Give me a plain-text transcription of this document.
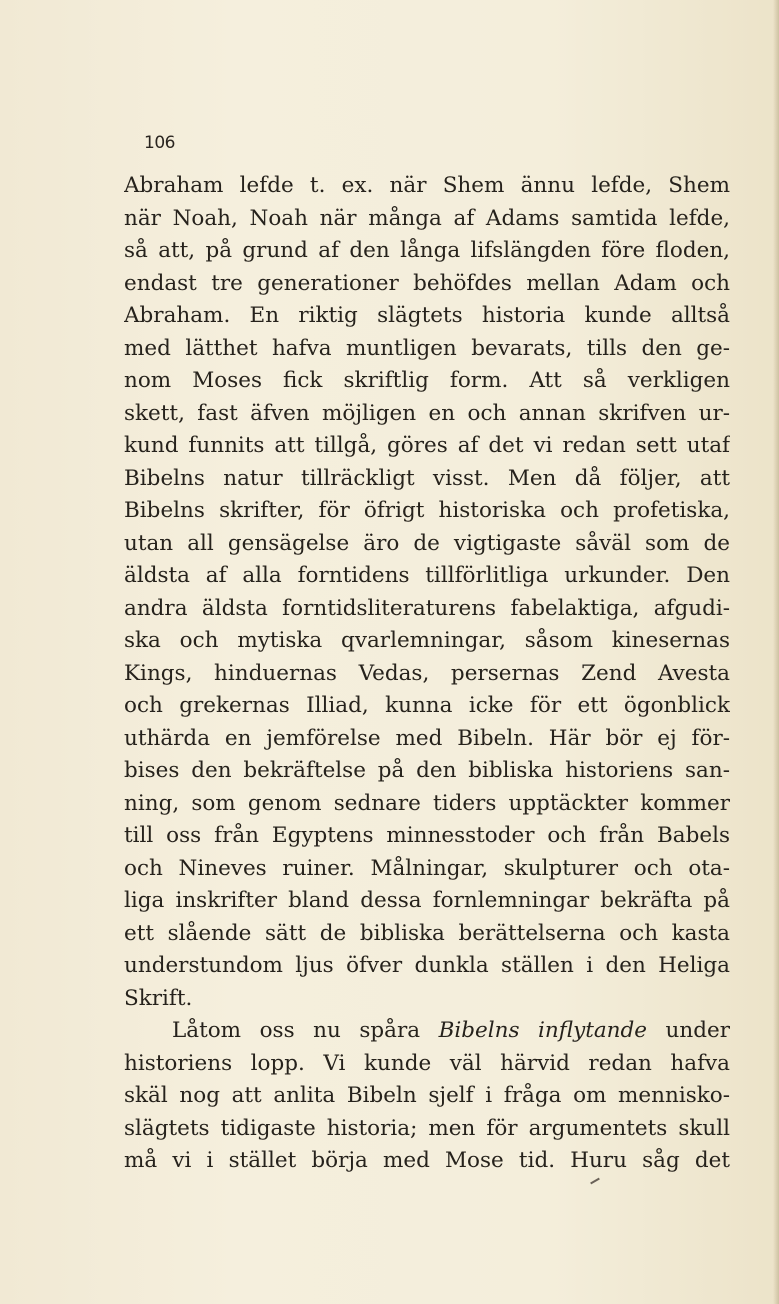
106
Abraham lefde t. ex. när Shem ännu lefde, Shem
när Noah, Noah när många af Adams samtida lefde,
så att, på grund af den långa lifslängden före floden,
endast tre generationer behöfdes mellan Adam och
Abraham. En riktig slägtets historia kunde alltså
med lätthet hafva muntligen bevarats, tills den ge-
nom Moses fick skriftlig form. Att så verkligen
skett, fast äfven möjligen en och annan skrifven ur-
kund funnits att tillgå, göres af det vi redan sett utaf
Bibelns natur tillräckligt visst. Men då följer, att
Bibelns skrifter, för öfrigt historiska och profetiska,
utan all gensägelse äro de vigtigaste såväl som de
äldsta af alla forntidens tillförlitliga urkunder. Den
andra äldsta forntidsliteraturens fabelaktiga, afgudi-
ska och mytiska qvarlemningar, såsom kinesernas
Kings, hinduernas Vedas, persernas Zend Avesta
och grekernas Illiad, kunna icke för ett ögonblick
uthärda en jemförelse med Bibeln. Här bör ej för-
bises den bekräftelse på den bibliska historiens san-
ning, som genom sednare tiders upptäckter kommer
till oss från Egyptens minnesstoder och från Babels
och Nineves ruiner. Målningar, skulpturer och ota-
liga inskrifter bland dessa fornlemningar bekräfta på
ett slående sätt de bibliska berättelserna och kasta
understundom ljus öfver dunkla ställen i den Heliga
Skrift.
Låtom oss nu spåra Bibelns inflytande under
historiens lopp. Vi kunde väl härvid redan hafva
skäl nog att anlita Bibeln sjelf i fråga om mennisko-
slägtets tidigaste historia; men för argumentets skull
må vi i stället börja med Mose tid. Huru såg det
